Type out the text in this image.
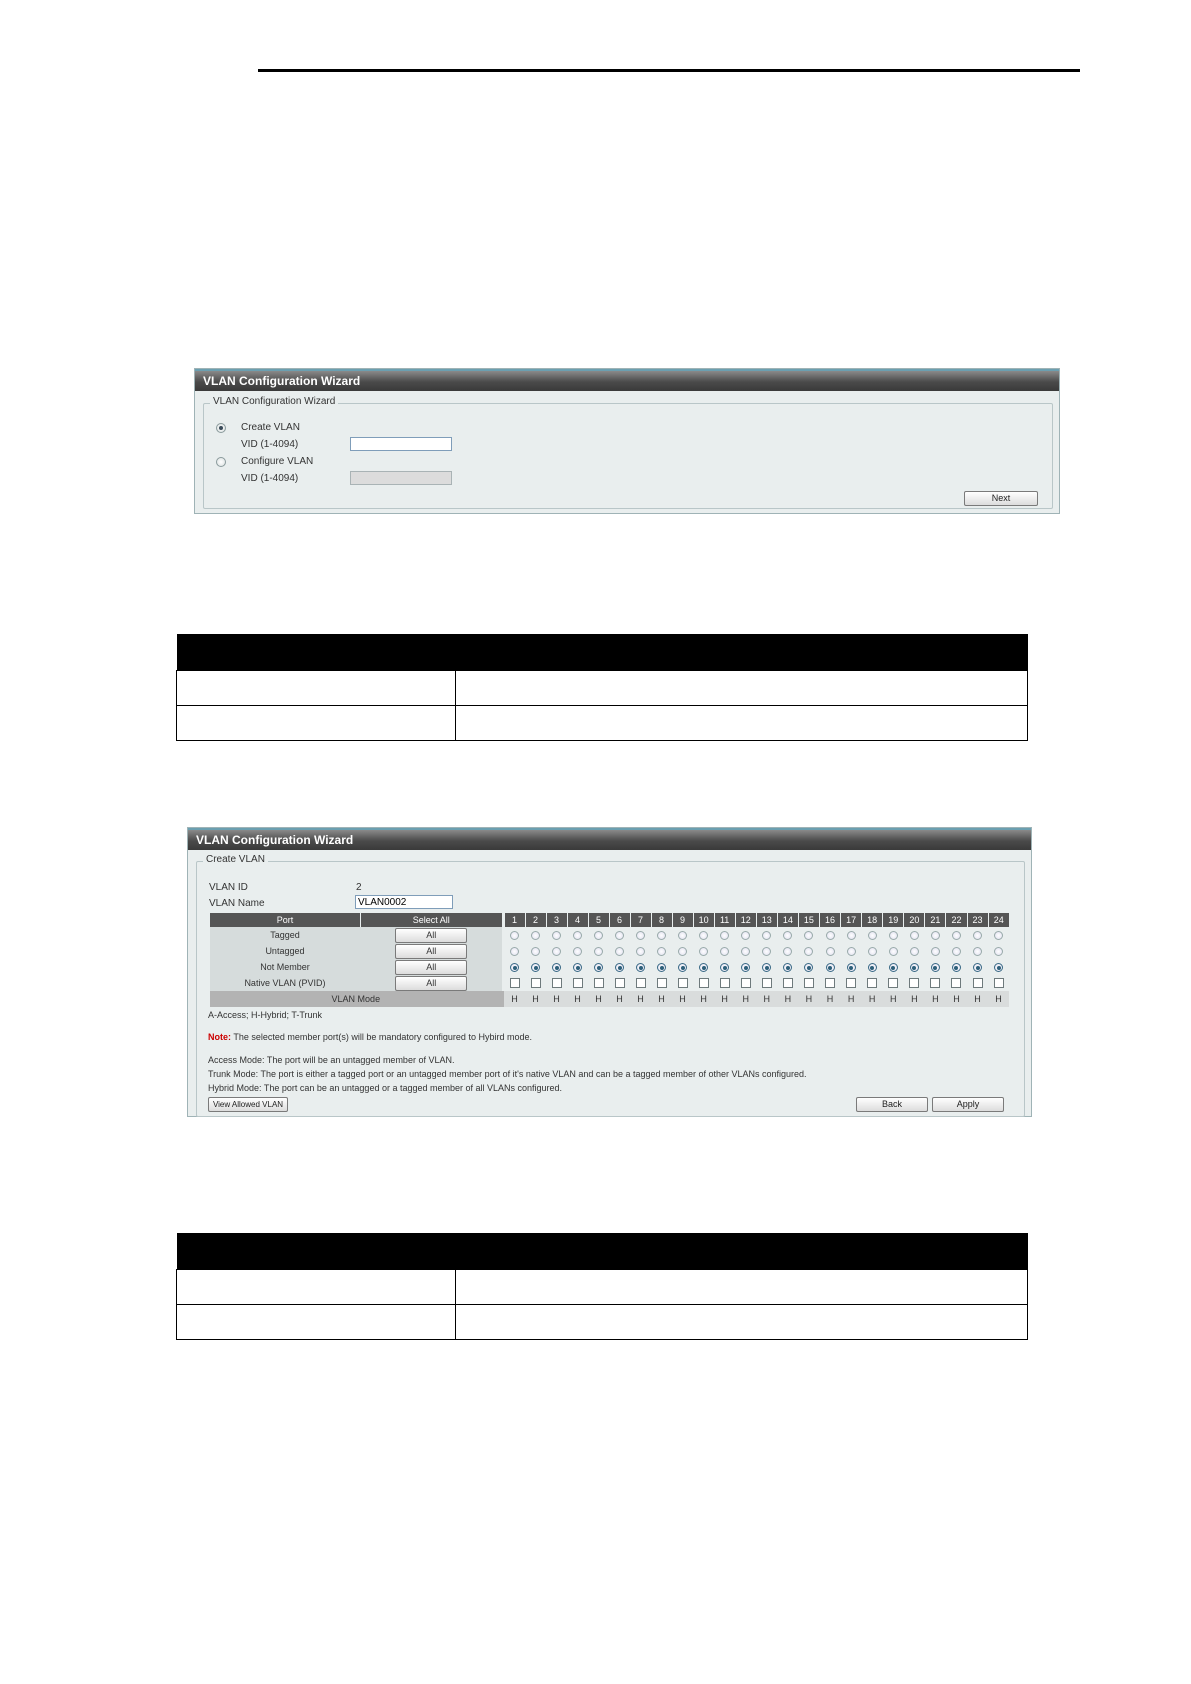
VLAN Configuration Wizard
VLAN Configuration Wizard
Create VLAN
VID (1-4094)
Configure VLAN
VID (1-4094)
Next

VLAN Configuration Wizard
Create VLAN
VLAN ID	2
VLAN Name
VLAN0002
Port	Select All		1	2	3	4	5	6	7	8	9	10	11	12	13	14	15	16	17	18	19	20	21	22	23	24
Tagged	All																									
Untagged	All																									
Not Member	All																									
Native VLAN (PVID)	All																									
VLAN Mode			H	H	H	H	H	H	H	H	H	H	H	H	H	H	H	H	H	H	H	H	H	H	H	H
A-Access; H-Hybrid; T-Trunk
Note: The selected member port(s) will be mandatory configured to Hybird mode.
Access Mode: The port will be an untagged member of VLAN.
Trunk Mode: The port is either a tagged port or an untagged member port of it's native VLAN and can be a tagged member of other VLANs configured.
Hybrid Mode: The port can be an untagged or a tagged member of all VLANs configured.
View Allowed VLAN	Back	Apply
